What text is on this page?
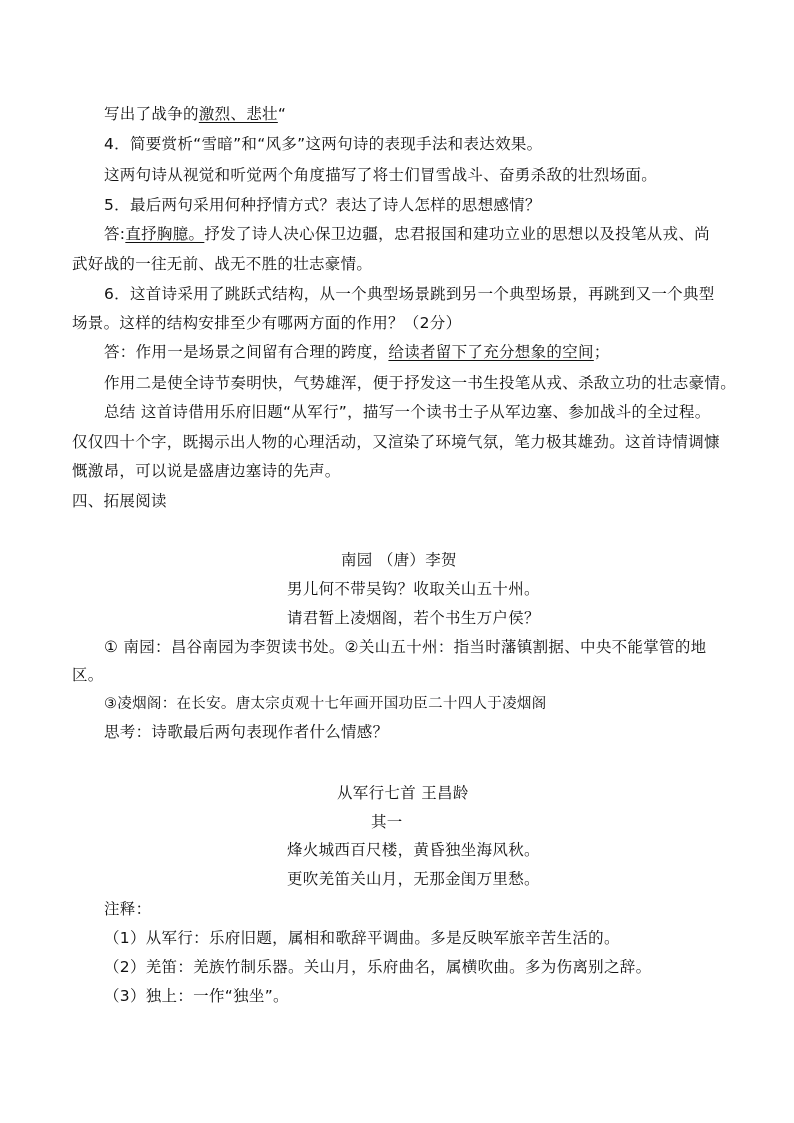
写出了战争的激烈、悲壮“
4．简要赏析“雪暗”和“风多”这两句诗的表现手法和表达效果。
这两句诗从视觉和听觉两个角度描写了将士们冒雪战斗、奋勇杀敌的壮烈场面。
5．最后两句采用何种抒情方式？表达了诗人怎样的思想感情？
答:直抒胸臆。抒发了诗人决心保卫边疆，忠君报国和建功立业的思想以及投笔从戎、尚
武好战的一往无前、战无不胜的壮志豪情。
6．这首诗采用了跳跃式结构，从一个典型场景跳到另一个典型场景，再跳到又一个典型
场景。这样的结构安排至少有哪两方面的作用？（2分）
答：作用一是场景之间留有合理的跨度，给读者留下了充分想象的空间；
作用二是使全诗节奏明快，气势雄浑，便于抒发这一书生投笔从戎、杀敌立功的壮志豪情。
总结 这首诗借用乐府旧题“从军行”，描写一个读书士子从军边塞、参加战斗的全过程。
仅仅四十个字，既揭示出人物的心理活动，又渲染了环境气氛，笔力极其雄劲。这首诗情调慷
慨激昂，可以说是盛唐边塞诗的先声。
四、拓展阅读
南园 （唐）李贺
男儿何不带吴钩？收取关山五十州。
请君暂上凌烟阁，若个书生万户侯？
① 南园：昌谷南园为李贺读书处。②关山五十州：指当时藩镇割据、中央不能掌管的地
区。
③凌烟阁：在长安。唐太宗贞观十七年画开国功臣二十四人于凌烟阁
思考：诗歌最后两句表现作者什么情感？
从军行七首 王昌龄
其一
烽火城西百尺楼，黄昏独坐海风秋。
更吹羌笛关山月，无那金闺万里愁。
注释：
（1）从军行：乐府旧题，属相和歌辞平调曲。多是反映军旅辛苦生活的。
（2）羌笛：羌族竹制乐器。关山月，乐府曲名，属横吹曲。多为伤离别之辞。
（3）独上：一作“独坐”。
